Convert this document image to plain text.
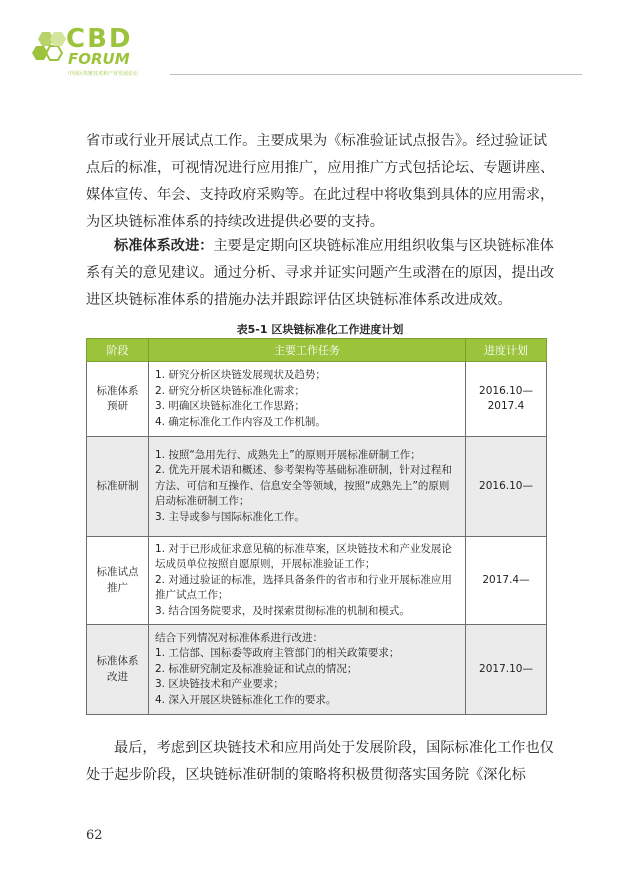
CBD
FORUM
中国区块链技术和产业发展论坛

省市或行业开展试点工作。主要成果为《标准验证试点报告》。经过验证试点后的标准，可视情况进行应用推广，应用推广方式包括论坛、专题讲座、媒体宣传、年会、支持政府采购等。在此过程中将收集到具体的应用需求，为区块链标准体系的持续改进提供必要的支持。

标准体系改进：主要是定期向区块链标准应用组织收集与区块链标准体系有关的意见建议。通过分析、寻求并证实问题产生或潜在的原因，提出改进区块链标准体系的措施办法并跟踪评估区块链标准体系改进成效。

表5-1 区块链标准化工作进度计划
阶段	主要工作任务	进度计划
标准体系预研	1. 研究分析区块链发展现状及趋势；
2. 研究分析区块链标准化需求；
3. 明确区块链标准化工作思路；
4. 确定标准化工作内容及工作机制。	2016.10—2017.4
标准研制	1. 按照“急用先行、成熟先上”的原则开展标准研制工作；
2. 优先开展术语和概述、参考架构等基础标准研制，针对过程和方法、可信和互操作、信息安全等领域，按照“成熟先上”的原则启动标准研制工作；
3. 主导或参与国际标准化工作。	2016.10—
标准试点推广	1. 对于已形成征求意见稿的标准草案，区块链技术和产业发展论坛成员单位按照自愿原则，开展标准验证工作；
2. 对通过验证的标准，选择具备条件的省市和行业开展标准应用推广试点工作；
3. 结合国务院要求，及时探索贯彻标准的机制和模式。	2017.4—
标准体系改进	结合下列情况对标准体系进行改进：
1. 工信部、国标委等政府主管部门的相关政策要求；
2. 标准研究制定及标准验证和试点的情况；
3. 区块链技术和产业要求；
4. 深入开展区块链标准化工作的要求。	2017.10—

最后，考虑到区块链技术和应用尚处于发展阶段，国际标准化工作也仅处于起步阶段，区块链标准研制的策略将积极贯彻落实国务院《深化标

62
